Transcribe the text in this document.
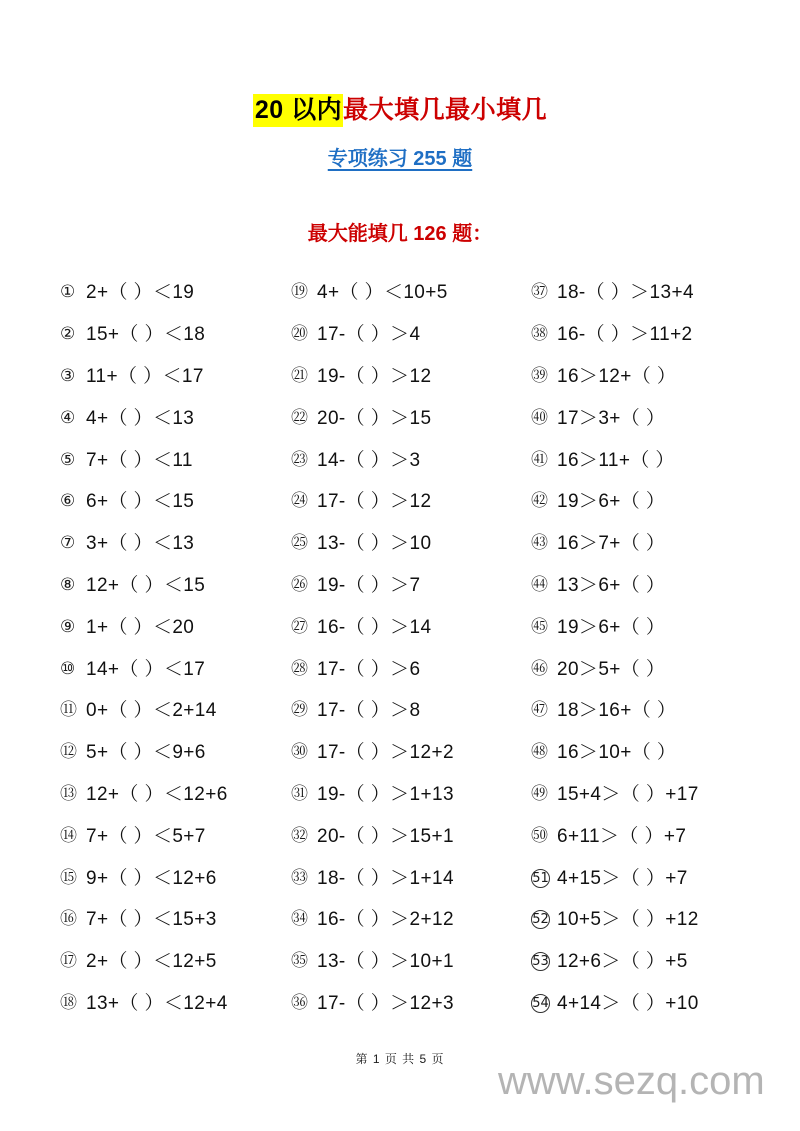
20 以内最大填几最小填几
专项练习 255 题
最大能填几 126 题：
① 2+（ ）＜19
② 15+（ ）＜18
③ 11+（ ）＜17
④ 4+（ ）＜13
⑤ 7+（ ）＜11
⑥ 6+（ ）＜15
⑦ 3+（ ）＜13
⑧ 12+（ ）＜15
⑨ 1+（ ）＜20
⑩ 14+（ ）＜17
⑪ 0+（ ）＜2+14
⑫ 5+（ ）＜9+6
⑬ 12+（ ）＜12+6
⑭ 7+（ ）＜5+7
⑮ 9+（ ）＜12+6
⑯ 7+（ ）＜15+3
⑰ 2+（ ）＜12+5
⑱ 13+（ ）＜12+4
⑲ 4+（ ）＜10+5
⑳ 17-（ ）＞4
㉑ 19-（ ）＞12
㉒ 20-（ ）＞15
㉓ 14-（ ）＞3
㉔ 17-（ ）＞12
㉕ 13-（ ）＞10
㉖ 19-（ ）＞7
㉗ 16-（ ）＞14
㉘ 17-（ ）＞6
㉙ 17-（ ）＞8
㉚ 17-（ ）＞12+2
㉛ 19-（ ）＞1+13
㉜ 20-（ ）＞15+1
㉝ 18-（ ）＞1+14
㉞ 16-（ ）＞2+12
㉟ 13-（ ）＞10+1
㊱ 17-（ ）＞12+3
㊲ 18-（ ）＞13+4
㊳ 16-（ ）＞11+2
㊴ 16＞12+（ ）
㊵ 17＞3+（ ）
㊶ 16＞11+（ ）
㊷ 19＞6+（ ）
㊸ 16＞7+（ ）
㊹ 13＞6+（ ）
㊺ 19＞6+（ ）
㊻ 20＞5+（ ）
㊼ 18＞16+（ ）
㊽ 16＞10+（ ）
㊾ 15+4＞（ ）+17
㊿ 6+11＞（ ）+7
51 4+15＞（ ）+7
52 10+5＞（ ）+12
53 12+6＞（ ）+5
54 4+14＞（ ）+10
第 1 页 共 5 页	www.sezq.com
